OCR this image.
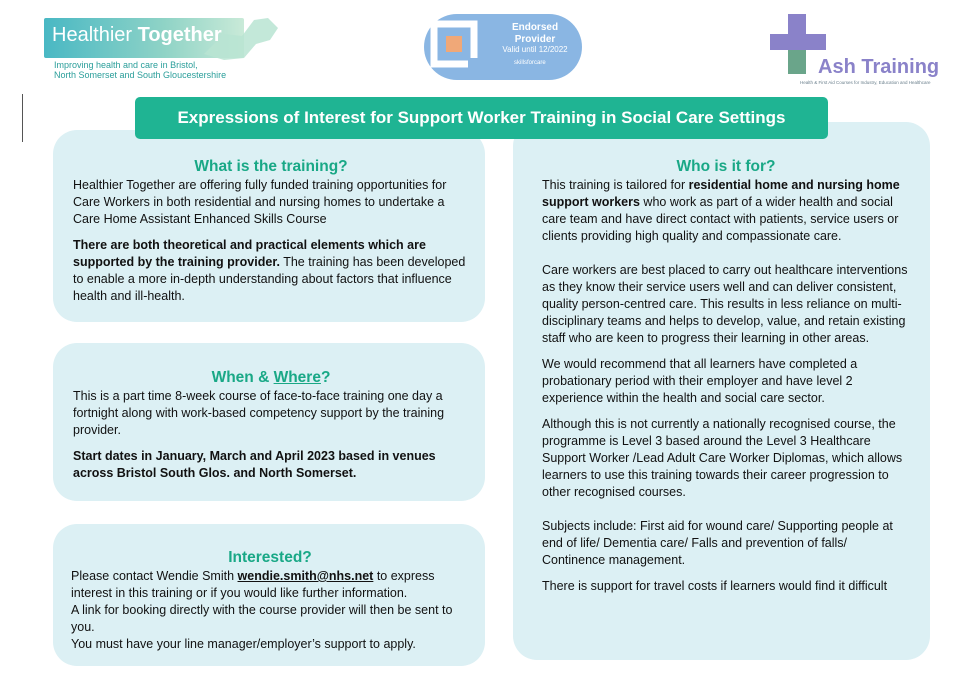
Healthier Together
Improving health and care in Bristol,
North Somerset and South Gloucestershire
Endorsed
Provider
Valid until 12/2022
skillsforcare	Ash Training
Health & First Aid Courses for Industry, Education and Healthcare
Expressions of Interest for Support Worker Training in Social Care Settings
What is the training?

Healthier Together are offering fully funded training opportunities for Care Workers in both residential and nursing homes to undertake a Care Home Assistant Enhanced Skills Course

There are both theoretical and practical elements which are supported by the training provider. The training has been developed to enable a more in-depth understanding about factors that influence health and ill-health.

When & Where?

This is a part time 8-week course of face-to-face training one day a fortnight along with work-based competency support by the training provider.

Start dates in January, March and April 2023 based in venues across Bristol South Glos. and North Somerset.

Interested?
Please contact Wendie Smith wendie.smith@nhs.net to express interest in this training or if you would like further information.
A link for booking directly with the course provider will then be sent to you.
You must have your line manager/employer’s support to apply.
Who is it for?

This training is tailored for residential home and nursing home support workers who work as part of a wider health and social care team and have direct contact with patients, service users or clients providing high quality and compassionate care.

Care workers are best placed to carry out healthcare interventions as they know their service users well and can deliver consistent, quality person-centred care. This results in less reliance on multi-disciplinary teams and helps to develop, value, and retain existing staff who are keen to progress their learning in other areas.

We would recommend that all learners have completed a probationary period with their employer and have level 2 experience within the health and social care sector.

Although this is not currently a nationally recognised course, the programme is Level 3 based around the Level 3 Healthcare Support Worker /Lead Adult Care Worker Diplomas, which allows learners to use this training towards their career progression to other recognised courses.

Subjects include: First aid for wound care/ Supporting people at end of life/ Dementia care/ Falls and prevention of falls/ Continence management.

There is support for travel costs if learners would find it difficult
